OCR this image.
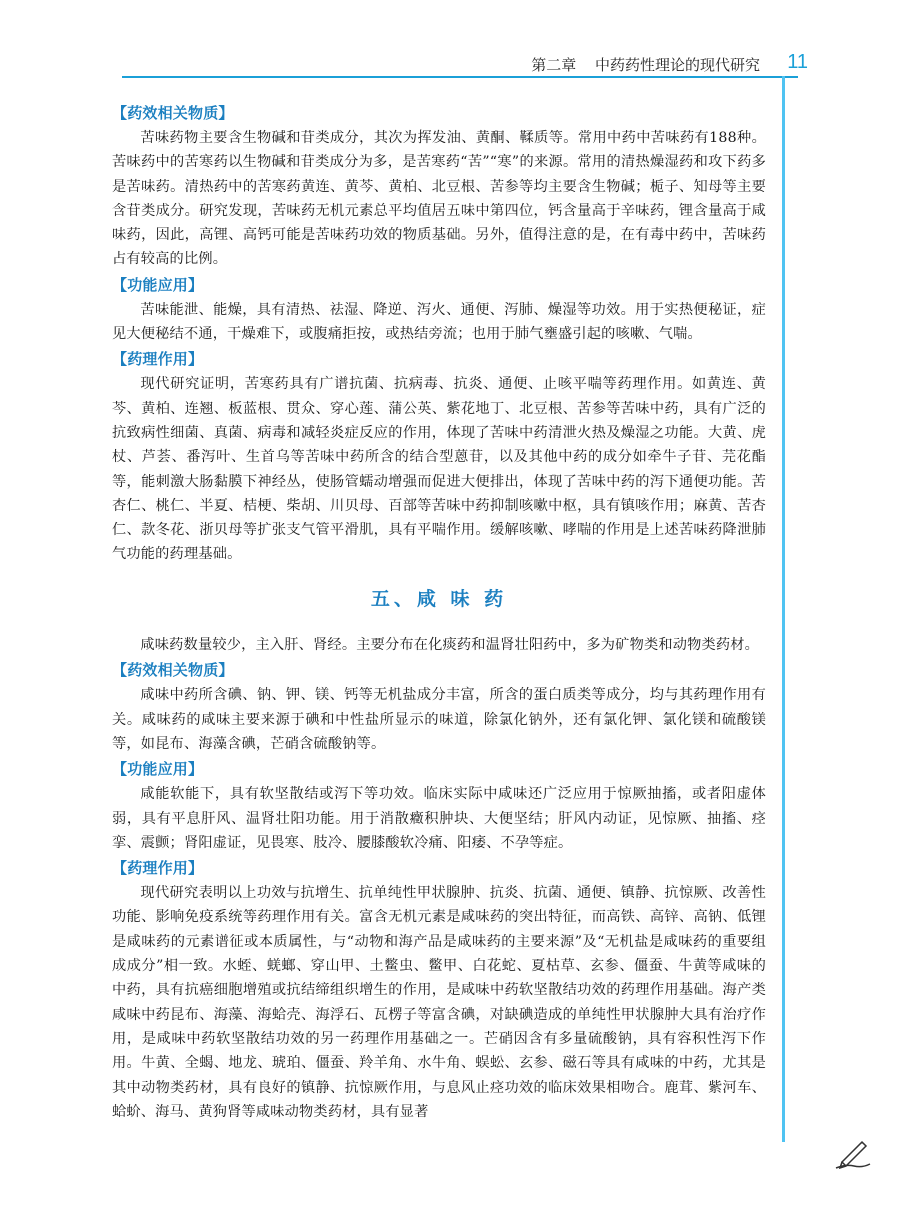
第二章 中药药性理论的现代研究 11

【药效相关物质】

苦味药物主要含生物碱和苷类成分，其次为挥发油、黄酮、鞣质等。常用中药中苦味药有188种。苦味药中的苦寒药以生物碱和苷类成分为多，是苦寒药“苦”“寒”的来源。常用的清热燥湿药和攻下药多是苦味药。清热药中的苦寒药黄连、黄芩、黄柏、北豆根、苦参等均主要含生物碱；栀子、知母等主要含苷类成分。研究发现，苦味药无机元素总平均值居五味中第四位，钙含量高于辛味药，锂含量高于咸味药，因此，高锂、高钙可能是苦味药功效的物质基础。另外，值得注意的是，在有毒中药中，苦味药占有较高的比例。

【功能应用】

苦味能泄、能燥，具有清热、祛湿、降逆、泻火、通便、泻肺、燥湿等功效。用于实热便秘证，症见大便秘结不通，干燥难下，或腹痛拒按，或热结旁流；也用于肺气壅盛引起的咳嗽、气喘。

【药理作用】

现代研究证明，苦寒药具有广谱抗菌、抗病毒、抗炎、通便、止咳平喘等药理作用。如黄连、黄芩、黄柏、连翘、板蓝根、贯众、穿心莲、蒲公英、紫花地丁、北豆根、苦参等苦味中药，具有广泛的抗致病性细菌、真菌、病毒和减轻炎症反应的作用，体现了苦味中药清泄火热及燥湿之功能。大黄、虎杖、芦荟、番泻叶、生首乌等苦味中药所含的结合型蒽苷，以及其他中药的成分如牵牛子苷、芫花酯等，能刺激大肠黏膜下神经丛，使肠管蠕动增强而促进大便排出，体现了苦味中药的泻下通便功能。苦杏仁、桃仁、半夏、桔梗、柴胡、川贝母、百部等苦味中药抑制咳嗽中枢，具有镇咳作用；麻黄、苦杏仁、款冬花、浙贝母等扩张支气管平滑肌，具有平喘作用。缓解咳嗽、哮喘的作用是上述苦味药降泄肺气功能的药理基础。

五、咸 味 药

咸味药数量较少，主入肝、肾经。主要分布在化痰药和温肾壮阳药中，多为矿物类和动物类药材。

【药效相关物质】

咸味中药所含碘、钠、钾、镁、钙等无机盐成分丰富，所含的蛋白质类等成分，均与其药理作用有关。咸味药的咸味主要来源于碘和中性盐所显示的味道，除氯化钠外，还有氯化钾、氯化镁和硫酸镁等，如昆布、海藻含碘，芒硝含硫酸钠等。

【功能应用】

咸能软能下，具有软坚散结或泻下等功效。临床实际中咸味还广泛应用于惊厥抽搐，或者阳虚体弱，具有平息肝风、温肾壮阳功能。用于消散癥积肿块、大便坚结；肝风内动证，见惊厥、抽搐、痉挛、震颤；肾阳虚证，见畏寒、肢冷、腰膝酸软冷痛、阳痿、不孕等症。

【药理作用】

现代研究表明以上功效与抗增生、抗单纯性甲状腺肿、抗炎、抗菌、通便、镇静、抗惊厥、改善性功能、影响免疫系统等药理作用有关。富含无机元素是咸味药的突出特征，而高铁、高锌、高钠、低锂是咸味药的元素谱征或本质属性，与“动物和海产品是咸味药的主要来源”及“无机盐是咸味药的重要组成成分”相一致。水蛭、蜣螂、穿山甲、土鳖虫、鳖甲、白花蛇、夏枯草、玄参、僵蚕、牛黄等咸味的中药，具有抗癌细胞增殖或抗结缔组织增生的作用，是咸味中药软坚散结功效的药理作用基础。海产类咸味中药昆布、海藻、海蛤壳、海浮石、瓦楞子等富含碘，对缺碘造成的单纯性甲状腺肿大具有治疗作用，是咸味中药软坚散结功效的另一药理作用基础之一。芒硝因含有多量硫酸钠，具有容积性泻下作用。牛黄、全蝎、地龙、琥珀、僵蚕、羚羊角、水牛角、蜈蚣、玄参、磁石等具有咸味的中药，尤其是其中动物类药材，具有良好的镇静、抗惊厥作用，与息风止痉功效的临床效果相吻合。鹿茸、紫河车、蛤蚧、海马、黄狗肾等咸味动物类药材，具有显著
